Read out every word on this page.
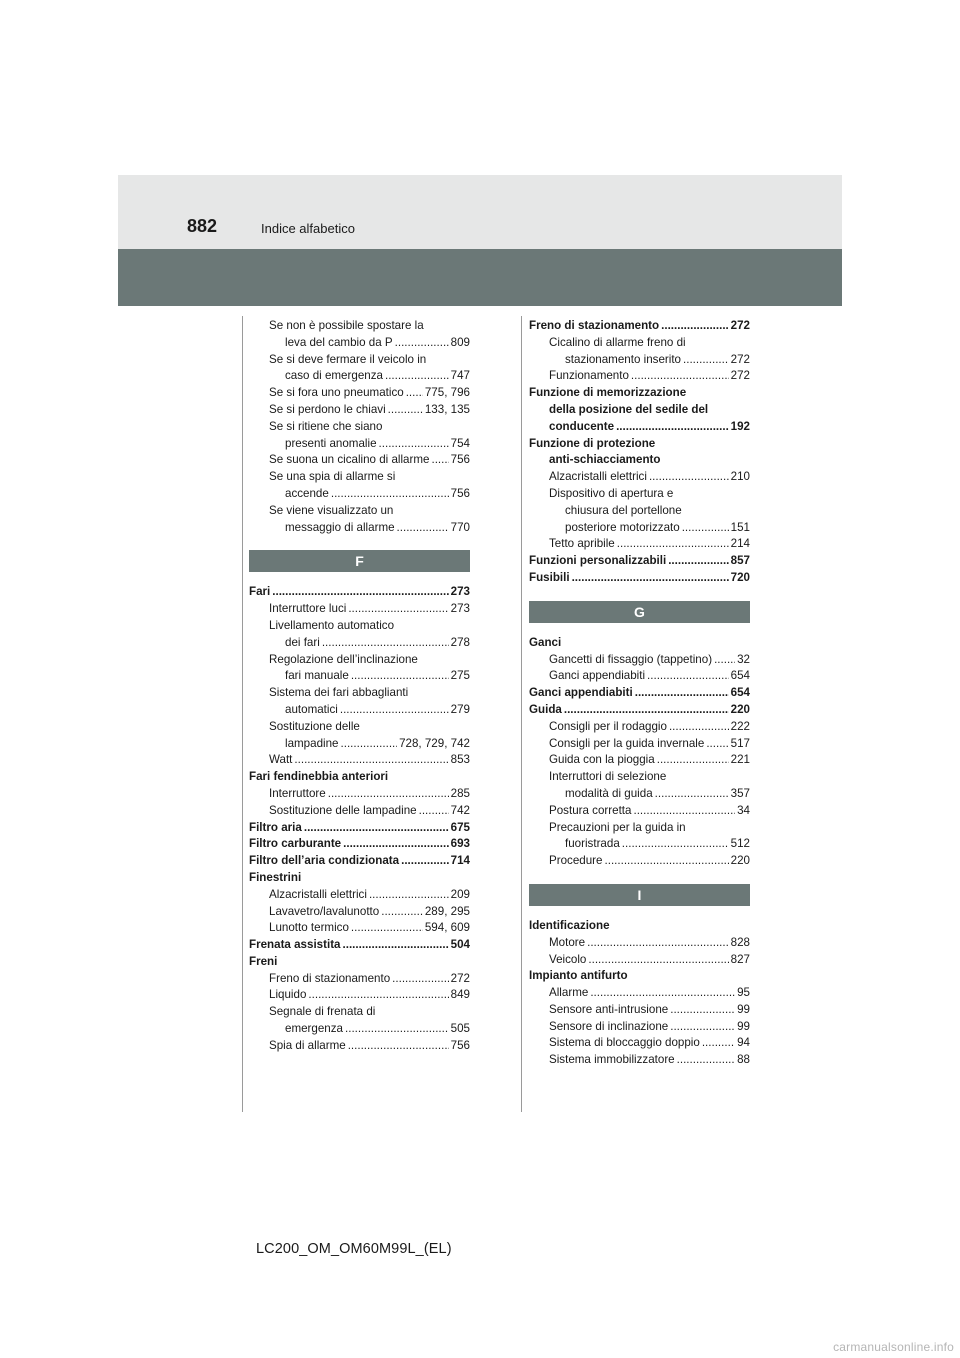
882	Indice alfabetico
Se non è possibile spostare la
leva del cambio da P .....	809
Se si deve fermare il veicolo in
caso di emergenza .....	747
Se si fora uno pneumatico ..... 775, 796
Se si perdono le chiavi .....	133, 135
Se si ritiene che siano
presenti anomalie .....	754
Se suona un cicalino di allarme ..... 756
Se una spia di allarme si
accende .....	756
Se viene visualizzato un
messaggio di allarme .....	770
F
Fari .....	273
Interruttore luci .....	273
Livellamento automatico
dei fari .....	278
Regolazione dell’inclinazione
fari manuale .....	275
Sistema dei fari abbaglianti
automatici .....	279
Sostituzione delle
lampadine .....	728, 729, 742
Watt .....	853
Fari fendinebbia anteriori
Interruttore .....	285
Sostituzione delle lampadine .....	742
Filtro aria .....	675
Filtro carburante .....	693
Filtro dell’aria condizionata .....	714
Finestrini
Alzacristalli elettrici .....	209
Lavavetro/lavalunotto .....	289, 295
Lunotto termico .....	594, 609
Frenata assistita .....	504
Freni
Freno di stazionamento .....	272
Liquido .....	849
Segnale di frenata di
emergenza .....	505
Spia di allarme .....	756
Freno di stazionamento .....	272
Cicalino di allarme freno di
stazionamento inserito .....	272
Funzionamento .....	272
Funzione di memorizzazione
della posizione del sedile del
conducente .....	192
Funzione di protezione
anti-schiacciamento
Alzacristalli elettrici .....	210
Dispositivo di apertura e
chiusura del portellone
posteriore motorizzato .....	151
Tetto apribile .....	214
Funzioni personalizzabili .....	857
Fusibili .....	720
G
Ganci
Gancetti di fissaggio (tappetino) ..... 32
Ganci appendiabiti .....	654
Ganci appendiabiti .....	654
Guida .....	220
Consigli per il rodaggio .....	222
Consigli per la guida invernale ..... 517
Guida con la pioggia .....	221
Interruttori di selezione
modalità di guida .....	357
Postura corretta .....	34
Precauzioni per la guida in
fuoristrada .....	512
Procedure .....	220
I
Identificazione
Motore .....	828
Veicolo .....	827
Impianto antifurto
Allarme .....	95
Sensore anti-intrusione .....	99
Sensore di inclinazione .....	99
Sistema di bloccaggio doppio .....	94
Sistema immobilizzatore .....	88
LC200_OM_OM60M99L_(EL)
carmanualsonline.info
